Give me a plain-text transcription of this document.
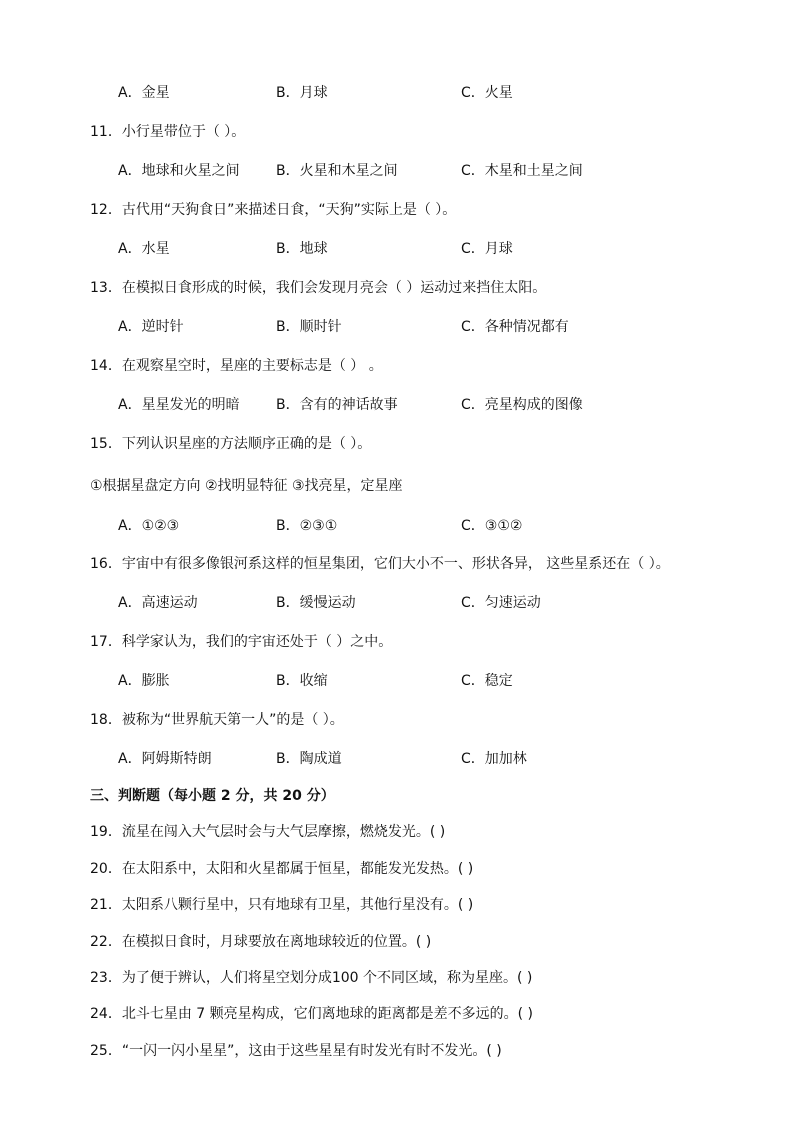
A．金星	B．月球	C．火星
11．小行星带位于（ ）。
A．地球和火星之间	B．火星和木星之间	C．木星和土星之间
12．古代用“天狗食日”来描述日食，“天狗”实际上是（ ）。
A．水星	B．地球	C．月球
13．在模拟日食形成的时候，我们会发现月亮会（ ）运动过来挡住太阳。
A．逆时针	B．顺时针	C．各种情况都有
14．在观察星空时，星座的主要标志是（ ） 。
A．星星发光的明暗	B．含有的神话故事	C．亮星构成的图像
15．下列认识星座的方法顺序正确的是（ ）。
①根据星盘定方向 ②找明显特征 ③找亮星，定星座
A．①②③	B．②③①	C．③①②
16．宇宙中有很多像银河系这样的恒星集团，它们大小不一、形状各异， 这些星系还在（ ）。
A．高速运动	B．缓慢运动	C．匀速运动
17．科学家认为，我们的宇宙还处于（ ）之中。
A．膨胀	B．收缩	C．稳定
18．被称为“世界航天第一人”的是（ ）。
A．阿姆斯特朗	B．陶成道	C．加加林
三、判断题（每小题 2 分，共 20 分）
19．流星在闯入大气层时会与大气层摩擦，燃烧发光。( )
20．在太阳系中，太阳和火星都属于恒星，都能发光发热。( )
21．太阳系八颗行星中，只有地球有卫星，其他行星没有。( )
22．在模拟日食时，月球要放在离地球较近的位置。( )
23．为了便于辨认，人们将星空划分成100 个不同区域，称为星座。( )
24．北斗七星由 7 颗亮星构成，它们离地球的距离都是差不多远的。( )
25．“一闪一闪小星星”，这由于这些星星有时发光有时不发光。( )
